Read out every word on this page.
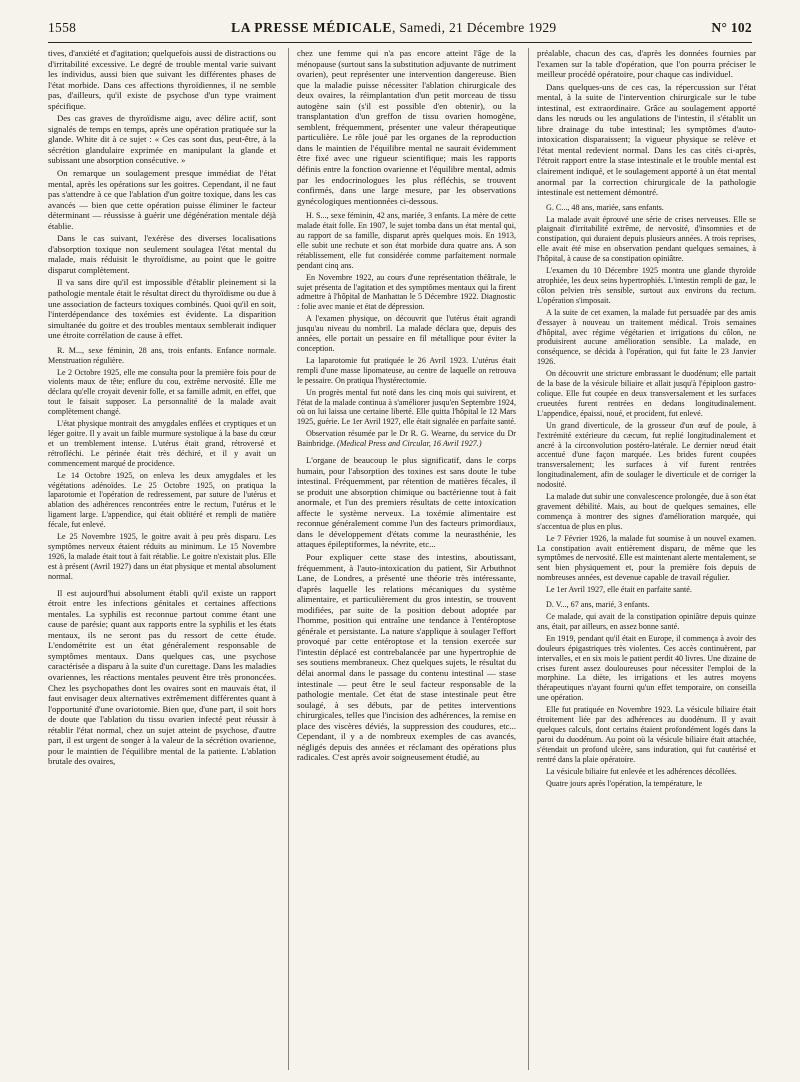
1558	LA PRESSE MÉDICALE, Samedi, 21 Décembre 1929	N° 102

tives, d'anxiété et d'agitation; quelquefois aussi de distractions ou d'irritabilité excessive. Le degré de trouble mental varie suivant les individus, aussi bien que suivant les différentes phases de l'état morbide. Dans ces affections thyroïdiennes, il ne semble pas, d'ailleurs, qu'il existe de psychose d'un type vraiment spécifique.

Des cas graves de thyroïdisme aigu, avec délire actif, sont signalés de temps en temps, après une opération pratiquée sur la glande. White dit à ce sujet : « Ces cas sont dus, peut-être, à la sécrétion glandulaire exprimée en manipulant la glande et subissant une absorption consécutive. »

On remarque un soulagement presque immédiat de l'état mental, après les opérations sur les goitres. Cependant, il ne faut pas s'attendre à ce que l'ablation d'un goitre toxique, dans les cas avancés — bien que cette opération puisse éliminer le facteur déterminant — réussisse à guérir une dégénération mentale déjà établie.

Dans le cas suivant, l'exérèse des diverses localisations d'absorption toxique non seulement soulagea l'état mental du malade, mais réduisit le thyroïdisme, au point que le goitre disparut complètement.

Il va sans dire qu'il est impossible d'établir pleinement si la pathologie mentale était le résultat direct du thyroïdisme ou due à une association de facteurs toxiques combinés. Quoi qu'il en soit, l'interdépendance des toxémies est évidente. La disparition simultanée du goitre et des troubles mentaux semblerait indiquer une étroite corrélation de cause à effet.

R. M..., sexe féminin, 28 ans, trois enfants. Enfance normale. Menstruation régulière.

Le 2 Octobre 1925, elle me consulta pour la première fois pour de violents maux de tête; enflure du cou, extrême nervosité. Elle me déclara qu'elle croyait devenir folle, et sa famille admit, en effet, que tout le faisait supposer. La personnalité de la malade avait complètement changé.

L'état physique montrait des amygdales enflées et cryptiques et un léger goitre. Il y avait un faible murmure systolique à la base du cœur et un tremblement intense. L'utérus était grand, rétroversé et rétrofléchi. Le périnée était très déchiré, et il y avait un commencement marqué de procidence.

Le 14 Octobre 1925, on enleva les deux amygdales et les végétations adénoïdes. Le 25 Octobre 1925, on pratiqua la laparotomie et l'opération de redressement, par suture de l'utérus et ablation des adhérences rencontrées entre le rectum, l'utérus et le ligament large. L'appendice, qui était oblitéré et rempli de matière fécale, fut enlevé.

Le 25 Novembre 1925, le goitre avait à peu près disparu. Les symptômes nerveux étaient réduits au minimum. Le 15 Novembre 1926, la malade était tout à fait rétablie. Le goitre n'existait plus. Elle est à présent (Avril 1927) dans un état physique et mental absolument normal.

Il est aujourd'hui absolument établi qu'il existe un rapport étroit entre les infections génitales et certaines affections mentales. La syphilis est reconnue partout comme étant une cause de parésie; quant aux rapports entre la syphilis et les états mentaux, ils ne seront pas du ressort de cette étude. L'endométrite est un état généralement responsable de symptômes mentaux. Dans quelques cas, une psychose caractérisée a disparu à la suite d'un curettage. Dans les maladies ovariennes, les réactions mentales peuvent être très prononcées. Chez les psychopathes dont les ovaires sont en mauvais état, il faut envisager deux alternatives extrêmement différentes quant à l'opportunité d'une ovariotomie. Bien que, d'une part, il soit hors de doute que l'ablation du tissu ovarien infecté peut réussir à rétablir l'état normal, chez un sujet atteint de psychose, d'autre part, il est urgent de songer à la valeur de la sécrétion ovarienne, pour le maintien de l'équilibre mental de la patiente. L'ablation brutale des ovaires,

chez une femme qui n'a pas encore atteint l'âge de la ménopause (surtout sans la substitution adjuvante de nutriment ovarien), peut représenter une intervention dangereuse. Bien que la maladie puisse nécessiter l'ablation chirurgicale des deux ovaires, la réimplantation d'un petit morceau de tissu autogène sain (s'il est possible d'en obtenir), ou la transplantation d'un greffon de tissu ovarien homogène, semblent, fréquemment, présenter une valeur thérapeutique particulière. Le rôle joué par les organes de la reproduction dans le maintien de l'équilibre mental ne saurait évidemment être fixé avec une rigueur scientifique; mais les rapports définis entre la fonction ovarienne et l'équilibre mental, admis par les endocrinologues les plus réfléchis, se trouvent confirmés, dans une large mesure, par les observations gynécologiques mentionnées ci-dessous.

H. S..., sexe féminin, 42 ans, mariée, 3 enfants. La mère de cette malade était folle. En 1907, le sujet tomba dans un état mental qui, au rapport de sa famille, disparut après quelques mois. En 1913, elle subit une rechute et son état morbide dura quatre ans. A son rétablissement, elle fut considérée comme parfaitement normale pendant cinq ans.

En Novembre 1922, au cours d'une représentation théâtrale, le sujet présenta de l'agitation et des symptômes mentaux qui la firent admettre à l'hôpital de Manhattan le 5 Décembre 1922. Diagnostic : folie avec manie et état de dépression.

A l'examen physique, on découvrit que l'utérus était agrandi jusqu'au niveau du nombril. La malade déclara que, depuis des années, elle portait un pessaire en fil métallique pour éviter la conception.

La laparotomie fut pratiquée le 26 Avril 1923. L'utérus était rempli d'une masse lipomateuse, au centre de laquelle on retrouva le pessaire. On pratiqua l'hystérectomie.

Un progrès mental fut noté dans les cinq mois qui suivirent, et l'état de la malade continua à s'améliorer jusqu'en Septembre 1924, où on lui laissa une certaine liberté. Elle quitta l'hôpital le 12 Mars 1925, guérie. Le 1er Avril 1927, elle était signalée en parfaite santé.

Observation résumée par le Dr R. G. Wearne, du service du Dr Bainbridge. (Medical Press and Circular, 16 Avril 1927.)

L'organe de beaucoup le plus significatif, dans le corps humain, pour l'absorption des toxines est sans doute le tube intestinal. Fréquemment, par rétention de matières fécales, il se produit une absorption chimique ou bactérienne tout à fait anormale, et l'un des premiers résultats de cette intoxication affecte le système nerveux. La toxémie alimentaire est reconnue généralement comme l'un des facteurs primordiaux, dans le développement d'états comme la neurasthénie, les attaques épileptiformes, la névrite, etc...

Pour expliquer cette stase des intestins, aboutissant, fréquemment, à l'auto-intoxication du patient, Sir Arbuthnot Lane, de Londres, a présenté une théorie très intéressante, d'après laquelle les relations mécaniques du système alimentaire, et particulièrement du gros intestin, se trouvent modifiées, par suite de la position debout adoptée par l'homme, position qui entraîne une tendance à l'entéroptose générale et persistante. La nature s'applique à soulager l'effort provoqué par cette entéroptose et la tension exercée sur l'intestin déplacé est contrebalancée par une hypertrophie de ses soutiens membraneux. Chez quelques sujets, le résultat du délai anormal dans le passage du contenu intestinal — stase intestinale — peut être le seul facteur responsable de la pathologie mentale. Cet état de stase intestinale peut être soulagé, à ses débuts, par de petites interventions chirurgicales, telles que l'incision des adhérences, la remise en place des viscères déviés, la suppression des coudures, etc... Cependant, il y a de nombreux exemples de cas avancés, négligés depuis des années et réclamant des opérations plus radicales. C'est après avoir soigneusement étudié, au

préalable, chacun des cas, d'après les données fournies par l'examen sur la table d'opération, que l'on pourra préciser le meilleur procédé opératoire, pour chaque cas individuel.

Dans quelques-uns de ces cas, la répercussion sur l'état mental, à la suite de l'intervention chirurgicale sur le tube intestinal, est extraordinaire. Grâce au soulagement apporté dans les nœuds ou les angulations de l'intestin, il s'établit un libre drainage du tube intestinal; les symptômes d'auto-intoxication disparaissent; la vigueur physique se relève et l'état mental redevient normal. Dans les cas cités ci-après, l'étroit rapport entre la stase intestinale et le trouble mental est clairement indiqué, et le soulagement apporté à un état mental anormal par la correction chirurgicale de la pathologie intestinale est nettement démontré.

G. C..., 48 ans, mariée, sans enfants.

La malade avait éprouvé une série de crises nerveuses. Elle se plaignait d'irritabilité extrême, de nervosité, d'insomnies et de constipation, qui duraient depuis plusieurs années. A trois reprises, elle avait été mise en observation pendant quelques semaines, à l'hôpital, à cause de sa constipation opiniâtre.

L'examen du 10 Décembre 1925 montra une glande thyroïde atrophiée, les deux seins hypertrophiés. L'intestin rempli de gaz, le côlon pelvien très sensible, surtout aux environs du rectum. L'opération s'imposait.

A la suite de cet examen, la malade fut persuadée par des amis d'essayer à nouveau un traitement médical. Trois semaines d'hôpital, avec régime végétarien et irrigations du côlon, ne produisirent aucune amélioration sensible. La malade, en conséquence, se décida à l'opération, qui fut faite le 23 Janvier 1926.

On découvrit une stricture embrassant le duodénum; elle partait de la base de la vésicule biliaire et allait jusqu'à l'épiploon gastro-colique. Elle fut coupée en deux transversalement et les surfaces crueutées furent rentrées en dedans longitudinalement. L'appendice, épaissi, noué, et procident, fut enlevé.

Un grand diverticule, de la grosseur d'un œuf de poule, à l'extrémité extérieure du cæcum, fut replié longitudinalement et ancré à la circonvolution postéro-latérale. Le dernier nœud était accentué d'une façon marquée. Les brides furent coupées transversalement; les surfaces à vif furent rentrées longitudinalement, afin de soulager le diverticule et de corriger la nodosité.

La malade dut subir une convalescence prolongée, due à son état gravement débilité. Mais, au bout de quelques semaines, elle commença à montrer des signes d'amélioration marquée, qui s'accentua de plus en plus.

Le 7 Février 1926, la malade fut soumise à un nouvel examen. La constipation avait entièrement disparu, de même que les symptômes de nervosité. Elle est maintenant alerte mentalement, se sent bien physiquement et, pour la première fois depuis de nombreuses années, est devenue capable de travail régulier.

Le 1er Avril 1927, elle était en parfaite santé.

D. V..., 67 ans, marié, 3 enfants.

Ce malade, qui avait de la constipation opiniâtre depuis quinze ans, était, par ailleurs, en assez bonne santé.

En 1919, pendant qu'il était en Europe, il commença à avoir des douleurs épigastriques très violentes. Ces accès continuèrent, par intervalles, et en six mois le patient perdit 40 livres. Une dizaine de crises furent assez douloureuses pour nécessiter l'emploi de la morphine. La diète, les irrigations et les autres moyens thérapeutiques n'ayant fourni qu'un effet temporaire, on conseilla une opération.

Elle fut pratiquée en Novembre 1923. La vésicule biliaire était étroitement liée par des adhérences au duodénum. Il y avait quelques calculs, dont certains étaient profondément logés dans la paroi du duodénum. Au point où la vésicule biliaire était attachée, s'étendait un profond ulcère, sans induration, qui fut cautérisé et rentré dans la plaie opératoire.

La vésicule biliaire fut enlevée et les adhérences décollées.

Quatre jours après l'opération, la température, le
